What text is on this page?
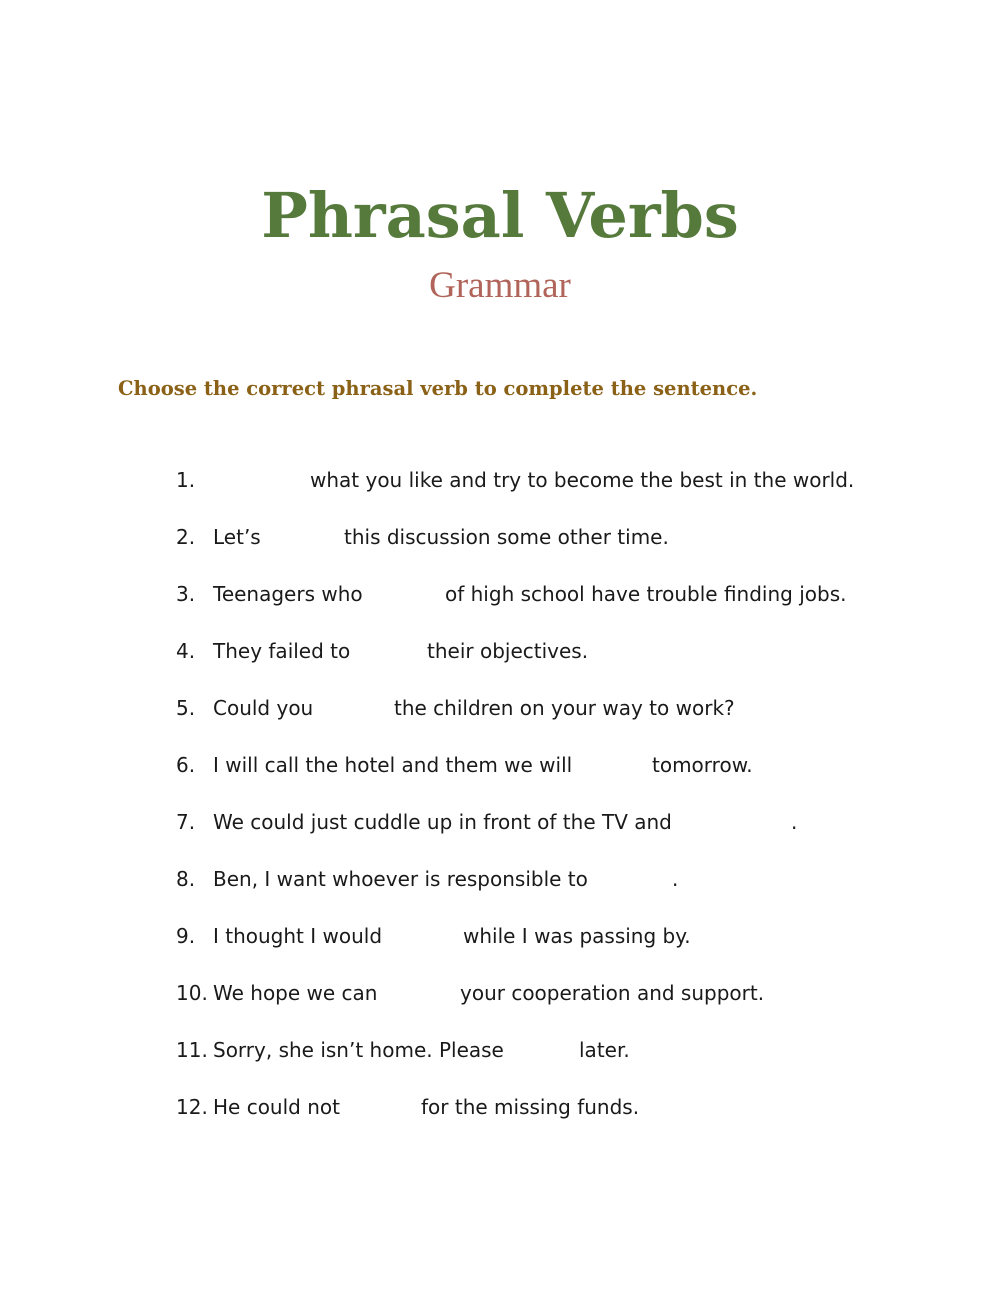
Phrasal Verbs
Grammar

Choose the correct phrasal verb to complete the sentence.

1.	what you like and try to become the best in the world.
2. Let’s	this discussion some other time.
3. Teenagers who	of high school have trouble finding jobs.
4. They failed to	their objectives.
5. Could you	the children on your way to work?
6. I will call the hotel and them we will	tomorrow.
7. We could just cuddle up in front of the TV and	.
8. Ben, I want whoever is responsible to	.
9. I thought I would	while I was passing by.
10. We hope we can	your cooperation and support.
11. Sorry, she isn’t home. Please	later.
12. He could not	for the missing funds.
